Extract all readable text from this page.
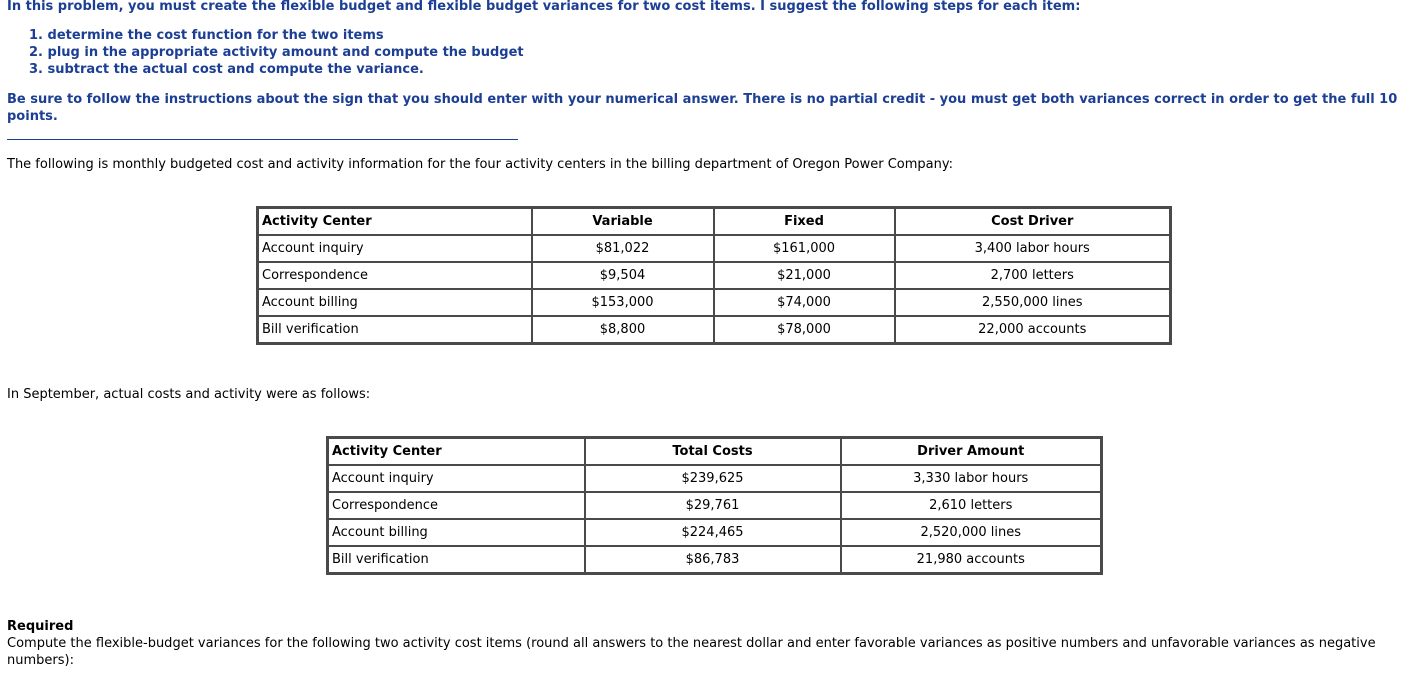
In this problem, you must create the flexible budget and flexible budget variances for two cost items. I suggest the following steps for each item:
1. determine the cost function for the two items
2. plug in the appropriate activity amount and compute the budget
3. subtract the actual cost and compute the variance.
Be sure to follow the instructions about the sign that you should enter with your numerical answer. There is no partial credit - you must get both variances correct in order to get the full 10 points.
The following is monthly budgeted cost and activity information for the four activity centers in the billing department of Oregon Power Company:
Activity Center	Variable	Fixed	Cost Driver
Account inquiry	$81,022	$161,000	3,400 labor hours
Correspondence	$9,504	$21,000	2,700 letters
Account billing	$153,000	$74,000	2,550,000 lines
Bill verification	$8,800	$78,000	22,000 accounts
In September, actual costs and activity were as follows:
Activity Center	Total Costs	Driver Amount
Account inquiry	$239,625	3,330 labor hours
Correspondence	$29,761	2,610 letters
Account billing	$224,465	2,520,000 lines
Bill verification	$86,783	21,980 accounts
Required
Compute the flexible-budget variances for the following two activity cost items (round all answers to the nearest dollar and enter favorable variances as positive numbers and unfavorable variances as negative numbers):
